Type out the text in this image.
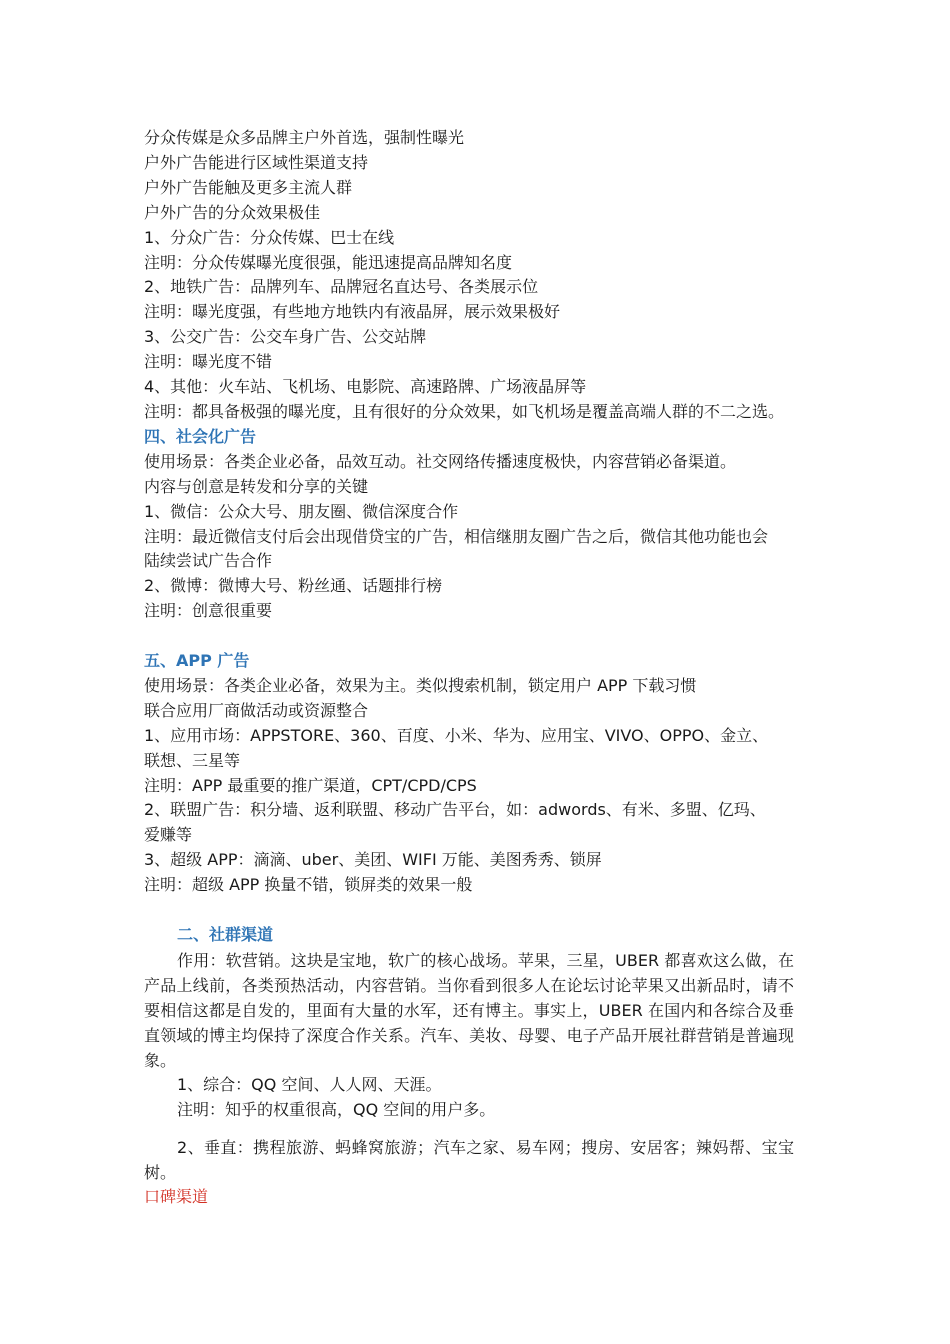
分众传媒是众多品牌主户外首选，强制性曝光
户外广告能进行区域性渠道支持
户外广告能触及更多主流人群
户外广告的分众效果极佳
1、分众广告：分众传媒、巴士在线
注明：分众传媒曝光度很强，能迅速提高品牌知名度
2、地铁广告：品牌列车、品牌冠名直达号、各类展示位
注明：曝光度强，有些地方地铁内有液晶屏，展示效果极好
3、公交广告：公交车身广告、公交站牌
注明：曝光度不错
4、其他：火车站、飞机场、电影院、高速路牌、广场液晶屏等
注明：都具备极强的曝光度，且有很好的分众效果，如飞机场是覆盖高端人群的不二之选。
四、社会化广告
使用场景：各类企业必备，品效互动。社交网络传播速度极快，内容营销必备渠道。
内容与创意是转发和分享的关键
1、微信：公众大号、朋友圈、微信深度合作
注明：最近微信支付后会出现借贷宝的广告，相信继朋友圈广告之后，微信其他功能也会
陆续尝试广告合作
2、微博：微博大号、粉丝通、话题排行榜
注明：创意很重要
五、APP 广告
使用场景：各类企业必备，效果为主。类似搜索机制，锁定用户 APP 下载习惯
联合应用厂商做活动或资源整合
1、应用市场：APPSTORE、360、百度、小米、华为、应用宝、VIVO、OPPO、金立、
联想、三星等
注明：APP 最重要的推广渠道，CPT/CPD/CPS
2、联盟广告：积分墙、返利联盟、移动广告平台，如：adwords、有米、多盟、亿玛、
爱赚等
3、超级 APP：滴滴、uber、美团、WIFI 万能、美图秀秀、锁屏
注明：超级 APP 换量不错，锁屏类的效果一般
二、社群渠道
作用：软营销。这块是宝地，软广的核心战场。苹果，三星，UBER 都喜欢这么做，在产品上线前，各类预热活动，内容营销。当你看到很多人在论坛讨论苹果又出新品时，请不要相信这都是自发的，里面有大量的水军，还有博主。事实上，UBER 在国内和各综合及垂直领域的博主均保持了深度合作关系。汽车、美妆、母婴、电子产品开展社群营销是普遍现象。
1、综合：QQ 空间、人人网、天涯。
注明：知乎的权重很高，QQ 空间的用户多。
2、垂直：携程旅游、蚂蜂窝旅游；汽车之家、易车网；搜房、安居客；辣妈帮、宝宝树。
口碑渠道
